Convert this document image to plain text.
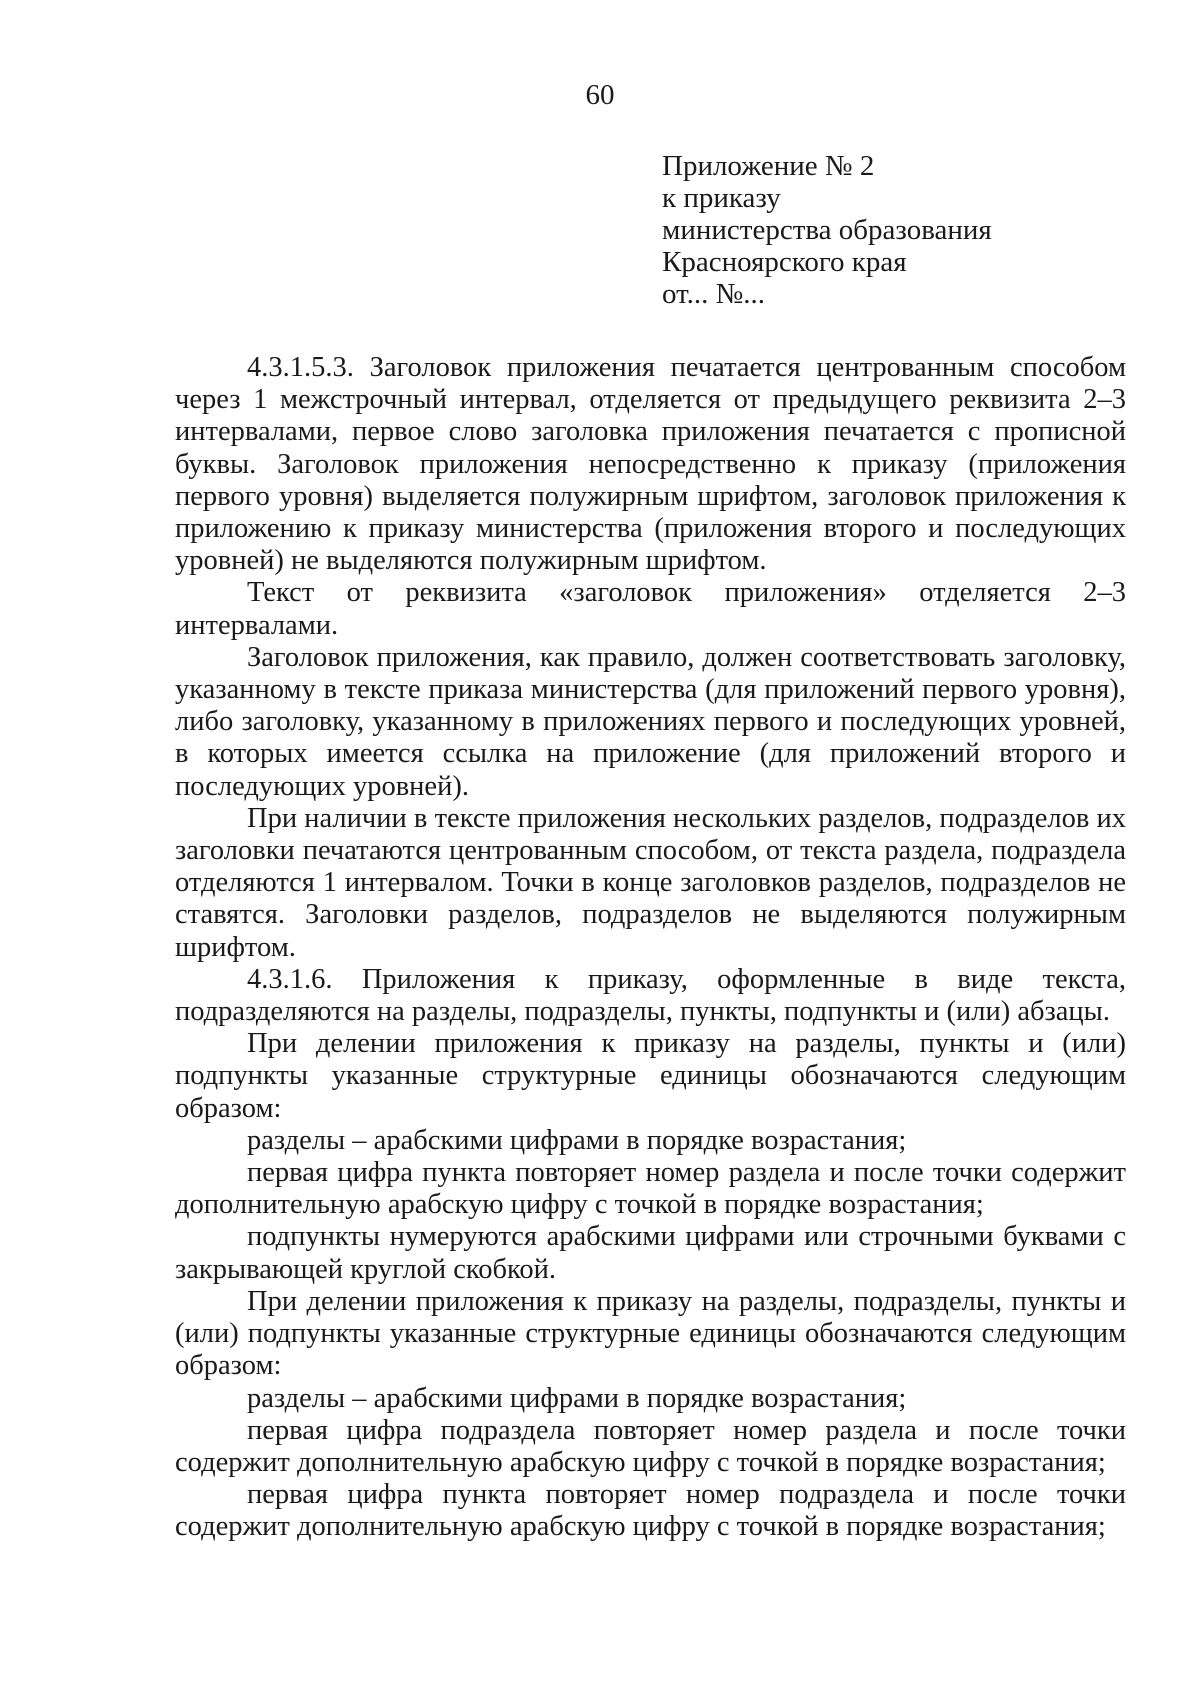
60
Приложение № 2
к приказу
министерства образования
Красноярского края
от... №...

4.3.1.5.3. Заголовок приложения печатается центрованным способом через 1 межстрочный интервал, отделяется от предыдущего реквизита 2–3 интервалами, первое слово заголовка приложения печатается с прописной буквы. Заголовок приложения непосредственно к приказу (приложения первого уровня) выделяется полужирным шрифтом, заголовок приложения к приложению к приказу министерства (приложения второго и последующих уровней) не выделяются полужирным шрифтом.

Текст от реквизита «заголовок приложения» отделяется 2–3 интервалами.

Заголовок приложения, как правило, должен соответствовать заголовку, указанному в тексте приказа министерства (для приложений первого уровня), либо заголовку, указанному в приложениях первого и последующих уровней, в которых имеется ссылка на приложение (для приложений второго и последующих уровней).

При наличии в тексте приложения нескольких разделов, подразделов их заголовки печатаются центрованным способом, от текста раздела, подраздела отделяются 1 интервалом. Точки в конце заголовков разделов, подразделов не ставятся. Заголовки разделов, подразделов не выделяются полужирным шрифтом.

4.3.1.6. Приложения к приказу, оформленные в виде текста, подразделяются на разделы, подразделы, пункты, подпункты и (или) абзацы.

При делении приложения к приказу на разделы, пункты и (или) подпункты указанные структурные единицы обозначаются следующим образом:

разделы – арабскими цифрами в порядке возрастания;

первая цифра пункта повторяет номер раздела и после точки содержит дополнительную арабскую цифру с точкой в порядке возрастания;

подпункты нумеруются арабскими цифрами или строчными буквами с закрывающей круглой скобкой.

При делении приложения к приказу на разделы, подразделы, пункты и (или) подпункты указанные структурные единицы обозначаются следующим образом:

разделы – арабскими цифрами в порядке возрастания;

первая цифра подраздела повторяет номер раздела и после точки содержит дополнительную арабскую цифру с точкой в порядке возрастания;

первая цифра пункта повторяет номер подраздела и после точки содержит дополнительную арабскую цифру с точкой в порядке возрастания;
